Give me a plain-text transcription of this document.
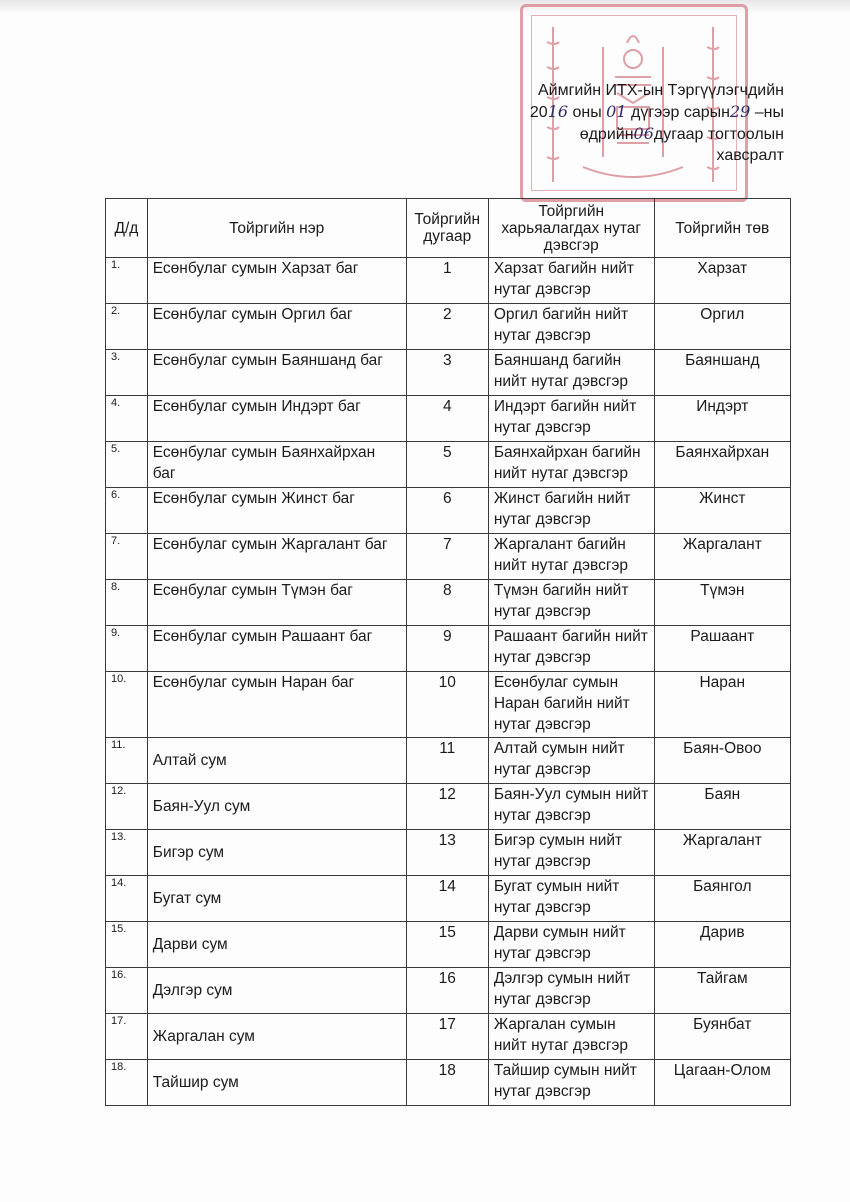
Аймгийн ИТХ-ын Тэргүүлэгчдийн
2016 оны 01 дүгээр сарын29 –ны
өдрийн06дугаар тогтоолын
хавсралт
Д/д	Тойргийн нэр	Тойргийн дугаар	Тойргийн харьяалагдах нутаг дэвсгэр	Тойргийн төв
1.	Есөнбулаг сумын Харзат баг	1	Харзат багийн нийт нутаг дэвсгэр	Харзат
2.	Есөнбулаг сумын Оргил баг	2	Оргил багийн нийт нутаг дэвсгэр	Оргил
3.	Есөнбулаг сумын Баяншанд баг	3	Баяншанд багийн нийт нутаг дэвсгэр	Баяншанд
4.	Есөнбулаг сумын Индэрт баг	4	Индэрт багийн нийт нутаг дэвсгэр	Индэрт
5.	Есөнбулаг сумын Баянхайрхан баг	5	Баянхайрхан багийн нийт нутаг дэвсгэр	Баянхайрхан
6.	Есөнбулаг сумын Жинст баг	6	Жинст багийн нийт нутаг дэвсгэр	Жинст
7.	Есөнбулаг сумын Жаргалант баг	7	Жаргалант багийн нийт нутаг дэвсгэр	Жаргалант
8.	Есөнбулаг сумын Түмэн баг	8	Түмэн багийн нийт нутаг дэвсгэр	Түмэн
9.	Есөнбулаг сумын Рашаант баг	9	Рашаант багийн нийт нутаг дэвсгэр	Рашаант
10.	Есөнбулаг сумын Наран баг	10	Есөнбулаг сумын Наран багийн нийт нутаг дэвсгэр	Наран
11.	Алтай сум	11	Алтай сумын нийт нутаг дэвсгэр	Баян-Овоо
12.	Баян-Уул сум	12	Баян-Уул сумын нийт нутаг дэвсгэр	Баян
13.	Бигэр сум	13	Бигэр сумын нийт нутаг дэвсгэр	Жаргалант
14.	Бугат сум	14	Бугат сумын нийт нутаг дэвсгэр	Баянгол
15.	Дарви сум	15	Дарви сумын нийт нутаг дэвсгэр	Дарив
16.	Дэлгэр сум	16	Дэлгэр сумын нийт нутаг дэвсгэр	Тайгам
17.	Жаргалан сум	17	Жаргалан сумын нийт нутаг дэвсгэр	Буянбат
18.	Тайшир сум	18	Тайшир сумын нийт нутаг дэвсгэр	Цагаан-Олом
